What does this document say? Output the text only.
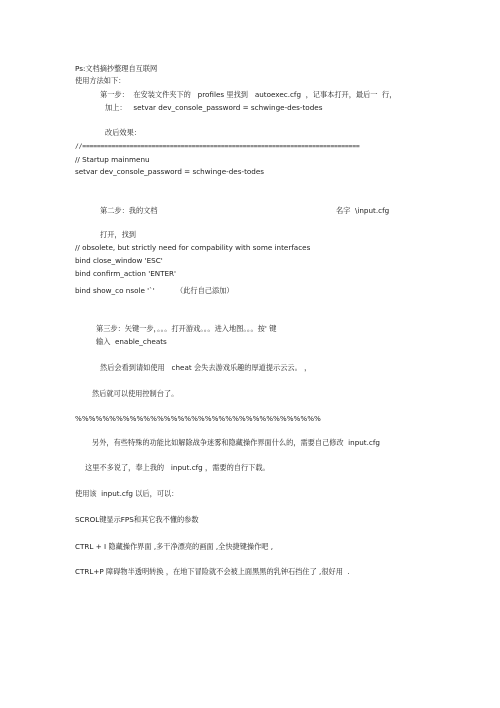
Ps:文档摘抄整理自互联网
使用方法如下：
第一步：  在安装文件夹下的   profiles 里找到   autoexec.cfg  ，记事本打开，最后一  行，
加上：   setvar dev_console_password = schwinge-des-todes
改后效果：
//============================================================================
// Startup mainmenu
setvar dev_console_password = schwinge-des-todes
第二步：我的文档	名字  \input.cfg
打开，找到
// obsolete, but strictly need for compability with some interfaces
bind close_window 'ESC'
bind confirm_action 'ENTER'
bind show_co nsole '`'	（此行自己添加）
第三步：矢键一步，。。。打开游戏。。。进入地图。。。按' 键
输入  enable_cheats
然后会看到请如使用   cheat 会失去游戏乐趣的厚道提示云云。 ，
然后就可以使用控制台了。
%%%%%%%%%%%%%%%%%%%%%%%%%%%%%%%%%%%%
另外，有些特殊的功能比如解除战争迷雾和隐藏操作界面什么的，需要自己修改  input.cfg
这里不多说了，奉上我的   input.cfg ，需要的自行下载。
使用该  input.cfg 以后，可以：
SCROL键显示FPS和其它我不懂的参数
CTRL + I 隐藏操作界面 ,多干净漂亮的画面 ,全快捷键操作吧 ,
CTRL+P 障碍物半透明转换 ，在地下冒险就不会被上面黑黑的乳钟石挡住了 ,很好用  .
